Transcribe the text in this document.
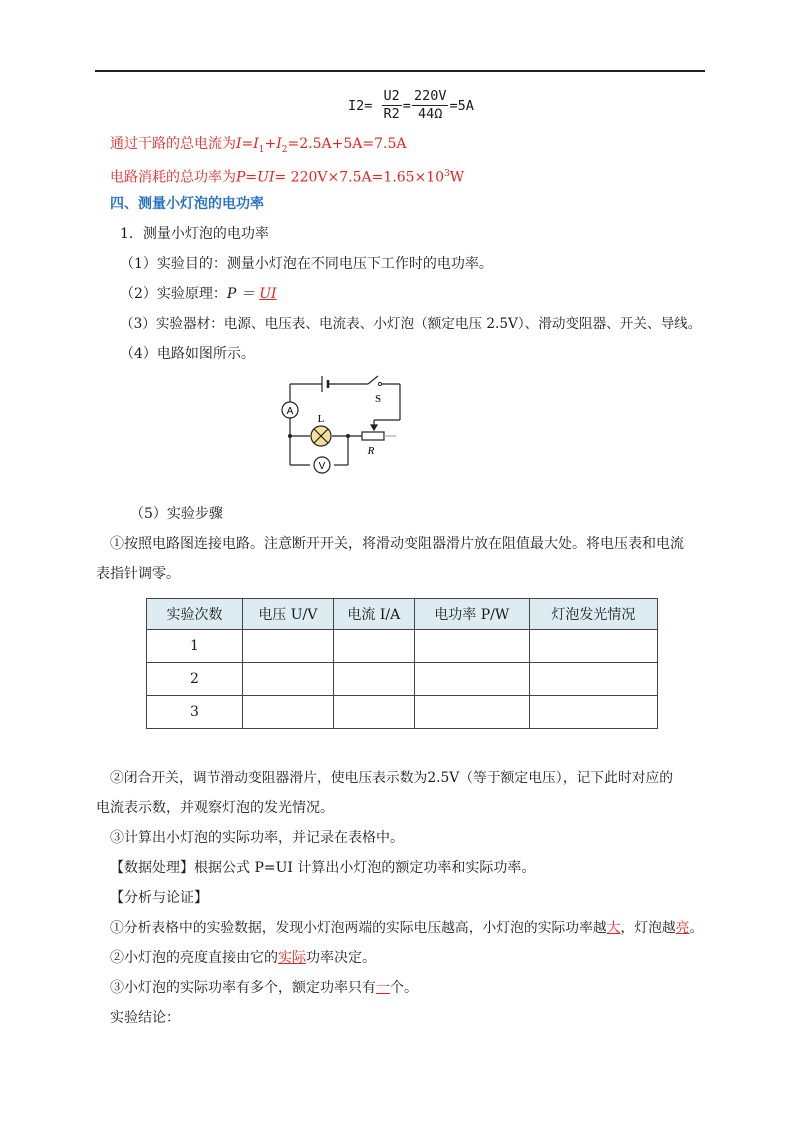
$I2= \frac{U2}{R2} = \frac{220V}{44\Omega} =5A$
通过干路的总电流为$I=I_1+I_2=2.5A+5A=7.5A$
电路消耗的总功率为$P=UI= 220V\times 7.5A=1.65\times 10^3W$
四、测量小灯泡的电功率
1．测量小灯泡的电功率
（1）实验目的：测量小灯泡在不同电压下工作时的电功率。
（2）实验原理：P ＝ UI
（3）实验器材：电源、电压表、电流表、小灯泡（额定电压 2.5V）、滑动变阻器、开关、导线。
（4）电路如图所示。
A
L
V
S
R
（5）实验步骤
①按照电路图连接电路。注意断开开关，将滑动变阻器滑片放在阻值最大处。将电压表和电流
表指针调零。
实验次数	电压 U/V	电流 I/A	电功率 P/W	灯泡发光情况
1				
2				
3				
②闭合开关，调节滑动变阻器滑片，使电压表示数为2.5V（等于额定电压），记下此时对应的
电流表示数，并观察灯泡的发光情况。
③计算出小灯泡的实际功率，并记录在表格中。
【数据处理】根据公式 P=UI 计算出小灯泡的额定功率和实际功率。
【分析与论证】
①分析表格中的实验数据，发现小灯泡两端的实际电压越高，小灯泡的实际功率越大，灯泡越亮。
②小灯泡的亮度直接由它的实际功率决定。
③小灯泡的实际功率有多个，额定功率只有一个。
实验结论：
